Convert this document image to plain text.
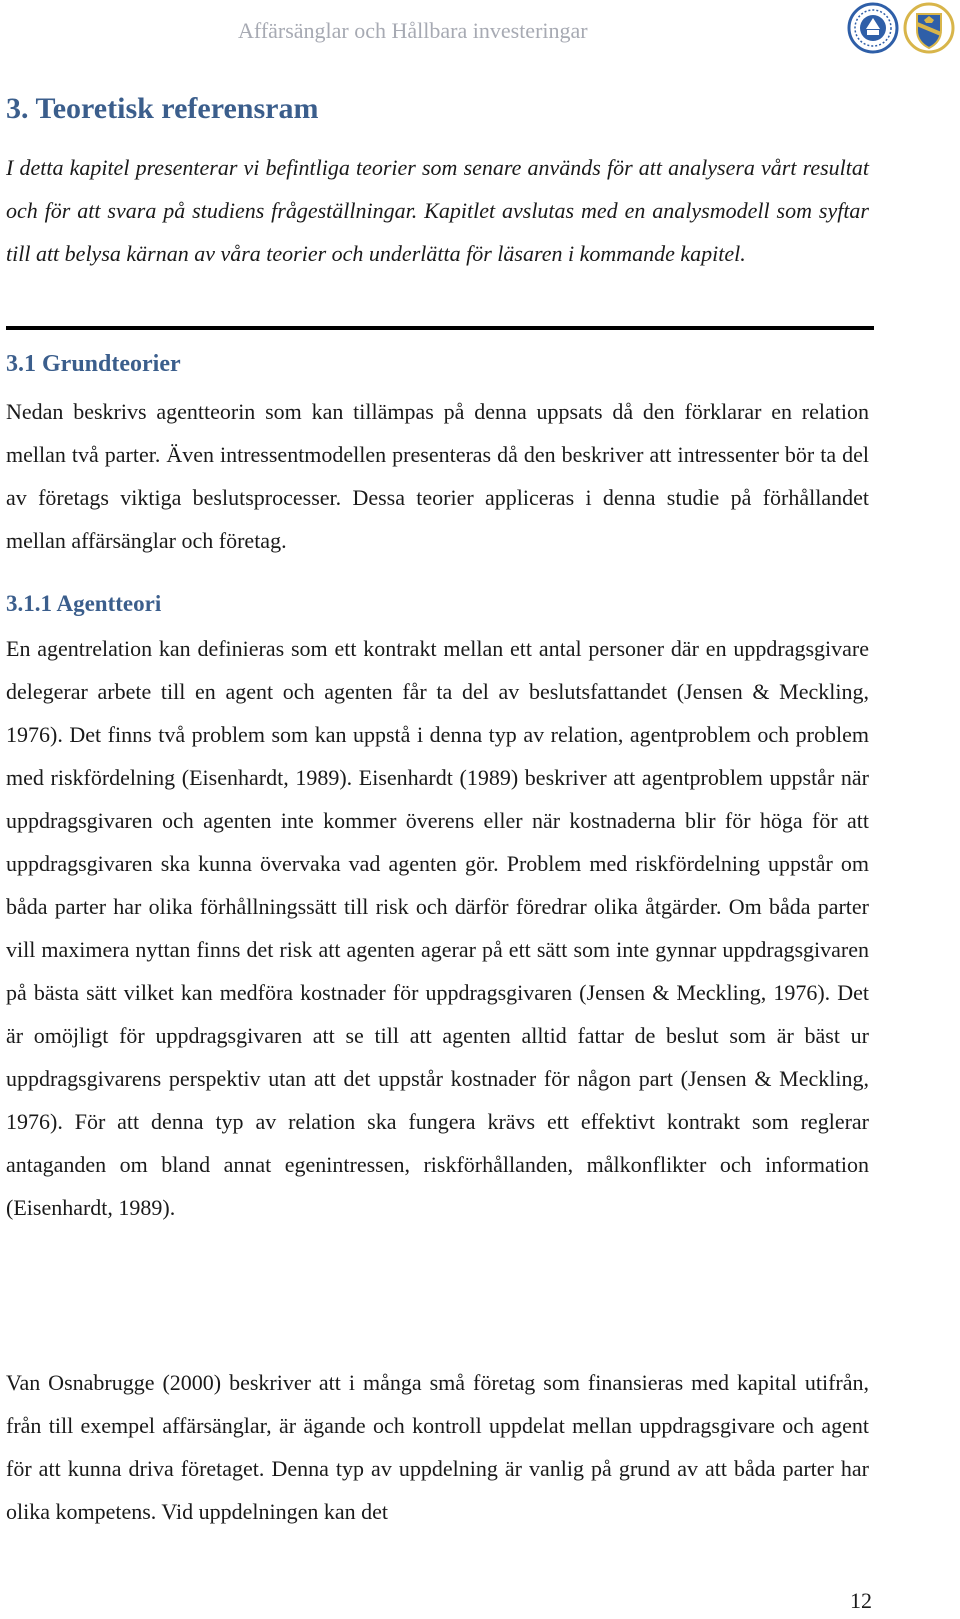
Affärsänglar och Hållbara investeringar
3. Teoretisk referensram

I detta kapitel presenterar vi befintliga teorier som senare används för att analysera vårt resultat och för att svara på studiens frågeställningar. Kapitlet avslutas med en analysmodell som syftar till att belysa kärnan av våra teorier och underlätta för läsaren i kommande kapitel.

3.1 Grundteorier

Nedan beskrivs agentteorin som kan tillämpas på denna uppsats då den förklarar en relation mellan två parter. Även intressentmodellen presenteras då den beskriver att intressenter bör ta del av företags viktiga beslutsprocesser. Dessa teorier appliceras i denna studie på förhållandet mellan affärsänglar och företag.

3.1.1 Agentteori

En agentrelation kan definieras som ett kontrakt mellan ett antal personer där en uppdragsgivare delegerar arbete till en agent och agenten får ta del av beslutsfattandet (Jensen & Meckling, 1976). Det finns två problem som kan uppstå i denna typ av relation, agentproblem och problem med riskfördelning (Eisenhardt, 1989). Eisenhardt (1989) beskriver att agentproblem uppstår när uppdragsgivaren och agenten inte kommer överens eller när kostnaderna blir för höga för att uppdragsgivaren ska kunna övervaka vad agenten gör. Problem med riskfördelning uppstår om båda parter har olika förhållningssätt till risk och därför föredrar olika åtgärder. Om båda parter vill maximera nyttan finns det risk att agenten agerar på ett sätt som inte gynnar uppdragsgivaren på bästa sätt vilket kan medföra kostnader för uppdragsgivaren (Jensen & Meckling, 1976). Det är omöjligt för uppdragsgivaren att se till att agenten alltid fattar de beslut som är bäst ur uppdragsgivarens perspektiv utan att det uppstår kostnader för någon part (Jensen & Meckling, 1976). För att denna typ av relation ska fungera krävs ett effektivt kontrakt som reglerar antaganden om bland annat egenintressen, riskförhållanden, målkonflikter och information (Eisenhardt, 1989).

Van Osnabrugge (2000) beskriver att i många små företag som finansieras med kapital utifrån, från till exempel affärsänglar, är ägande och kontroll uppdelat mellan uppdragsgivare och agent för att kunna driva företaget. Denna typ av uppdelning är vanlig på grund av att båda parter har olika kompetens. Vid uppdelningen kan det

12
